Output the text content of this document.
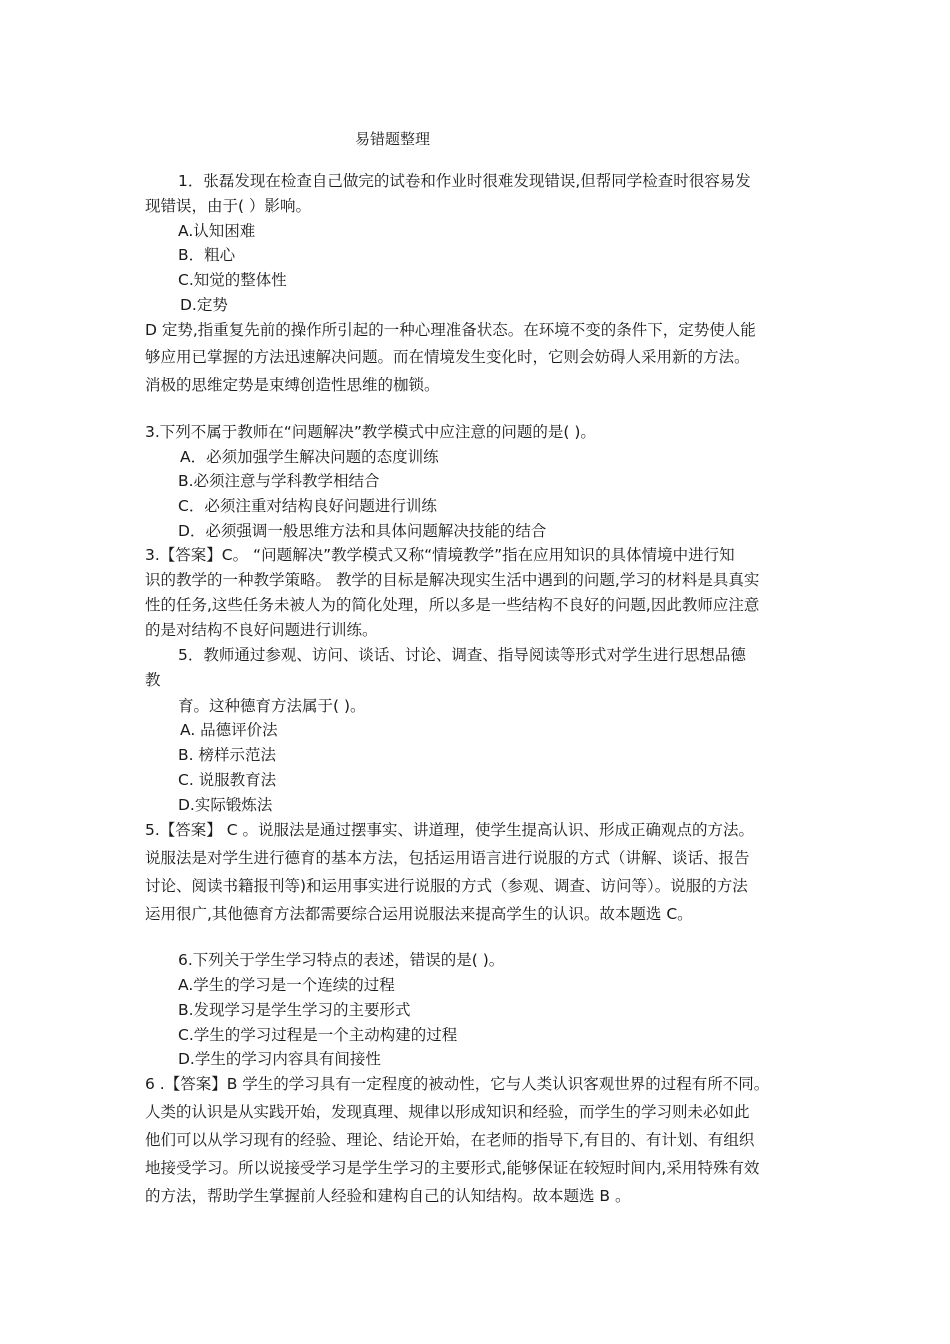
易错题整理
1．张磊发现在检查自己做完的试卷和作业时很难发现错误,但帮同学检查时很容易发
现错误，由于( ）影响。
A.认知困难
B．粗心
C.知觉的整体性
D.定势
D 定势,指重复先前的操作所引起的一种心理准备状态。在环境不变的条件下，定势使人能
够应用已掌握的方法迅速解决问题。而在情境发生变化时，它则会妨碍人采用新的方法。
消极的思维定势是束缚创造性思维的枷锁。
3.下列不属于教师在“问题解决”教学模式中应注意的问题的是( )。
A．必须加强学生解决问题的态度训练
B.必须注意与学科教学相结合
C．必须注重对结构良好问题进行训练
D．必须强调一般思维方法和具体问题解决技能的结合
3.【答案】C。 “问题解决”教学模式又称“情境教学”指在应用知识的具体情境中进行知
识的教学的一种教学策略。 教学的目标是解决现实生活中遇到的问题,学习的材料是具真实
性的任务,这些任务未被人为的简化处理，所以多是一些结构不良好的问题,因此教师应注意
的是对结构不良好问题进行训练。
5．教师通过参观、访问、谈话、讨论、调查、指导阅读等形式对学生进行思想品德
教
育。这种德育方法属于( )。
A. 品德评价法
B. 榜样示范法
C. 说服教育法
D.实际锻炼法
5.【答案】 C 。说服法是通过摆事实、讲道理，使学生提高认识、形成正确观点的方法。
说服法是对学生进行德育的基本方法，包括运用语言进行说服的方式（讲解、谈话、报告
讨论、阅读书籍报刊等)和运用事实进行说服的方式（参观、调查、访问等）。说服的方法
运用很广,其他德育方法都需要综合运用说服法来提高学生的认识。故本题选 C。
6.下列关于学生学习特点的表述，错误的是( )。
A.学生的学习是一个连续的过程
B.发现学习是学生学习的主要形式
C.学生的学习过程是一个主动构建的过程
D.学生的学习内容具有间接性
6 .【答案】B 学生的学习具有一定程度的被动性，它与人类认识客观世界的过程有所不同。
人类的认识是从实践开始，发现真理、规律以形成知识和经验，而学生的学习则未必如此
他们可以从学习现有的经验、理论、结论开始，在老师的指导下,有目的、有计划、有组织
地接受学习。所以说接受学习是学生学习的主要形式,能够保证在较短时间内,采用特殊有效
的方法，帮助学生掌握前人经验和建构自己的认知结构。故本题选 B 。
